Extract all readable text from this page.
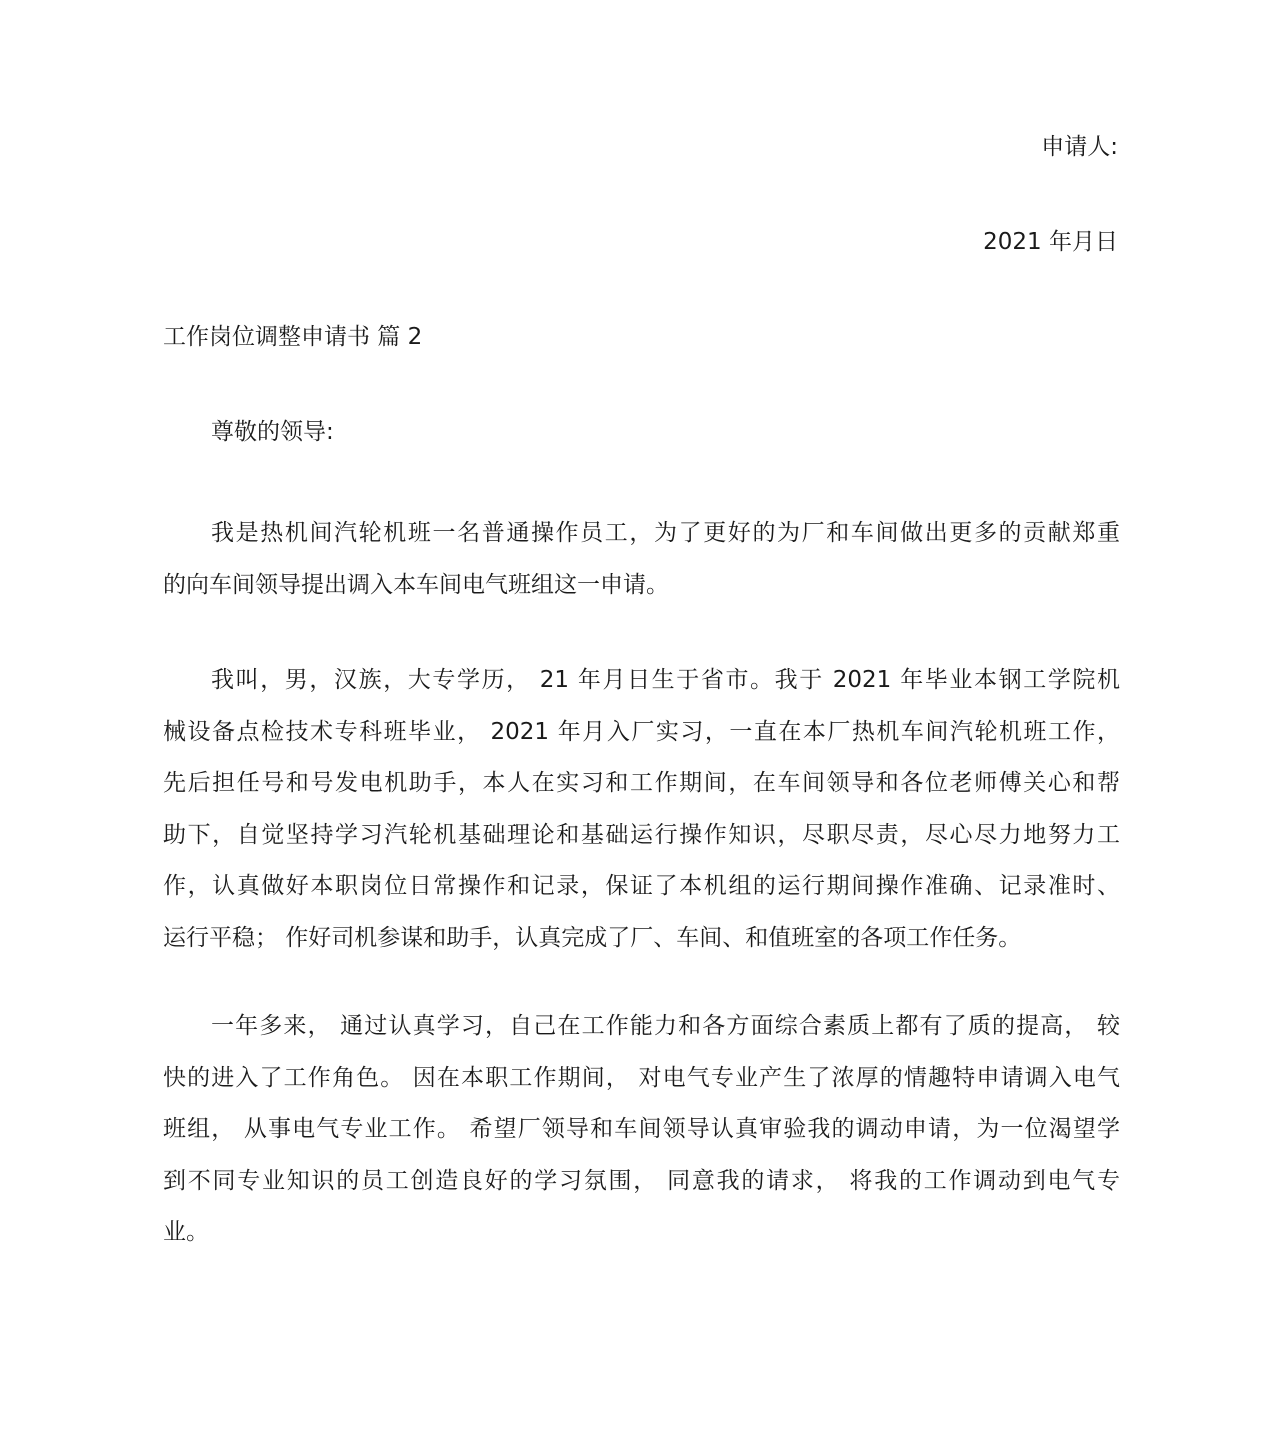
申请人:
2021 年月日
工作岗位调整申请书 篇 2
尊敬的领导:
我是热机间汽轮机班一名普通操作员工，为了更好的为厂和车间做出更多的贡献郑重
的向车间领导提出调入本车间电气班组这一申请。
我叫，男，汉族，大专学历， 21 年月日生于省市。我于 2021 年毕业本钢工学院机
械设备点检技术专科班毕业， 2021 年月入厂实习，一直在本厂热机车间汽轮机班工作，
先后担任号和号发电机助手，本人在实习和工作期间，在车间领导和各位老师傅关心和帮
助下，自觉坚持学习汽轮机基础理论和基础运行操作知识，尽职尽责，尽心尽力地努力工
作，认真做好本职岗位日常操作和记录，保证了本机组的运行期间操作准确、记录准时、
运行平稳； 作好司机参谋和助手，认真完成了厂、车间、和值班室的各项工作任务。
一年多来， 通过认真学习，自己在工作能力和各方面综合素质上都有了质的提高， 较
快的进入了工作角色。 因在本职工作期间， 对电气专业产生了浓厚的情趣特申请调入电气
班组， 从事电气专业工作。 希望厂领导和车间领导认真审验我的调动申请，为一位渴望学
到不同专业知识的员工创造良好的学习氛围， 同意我的请求， 将我的工作调动到电气专
业。
